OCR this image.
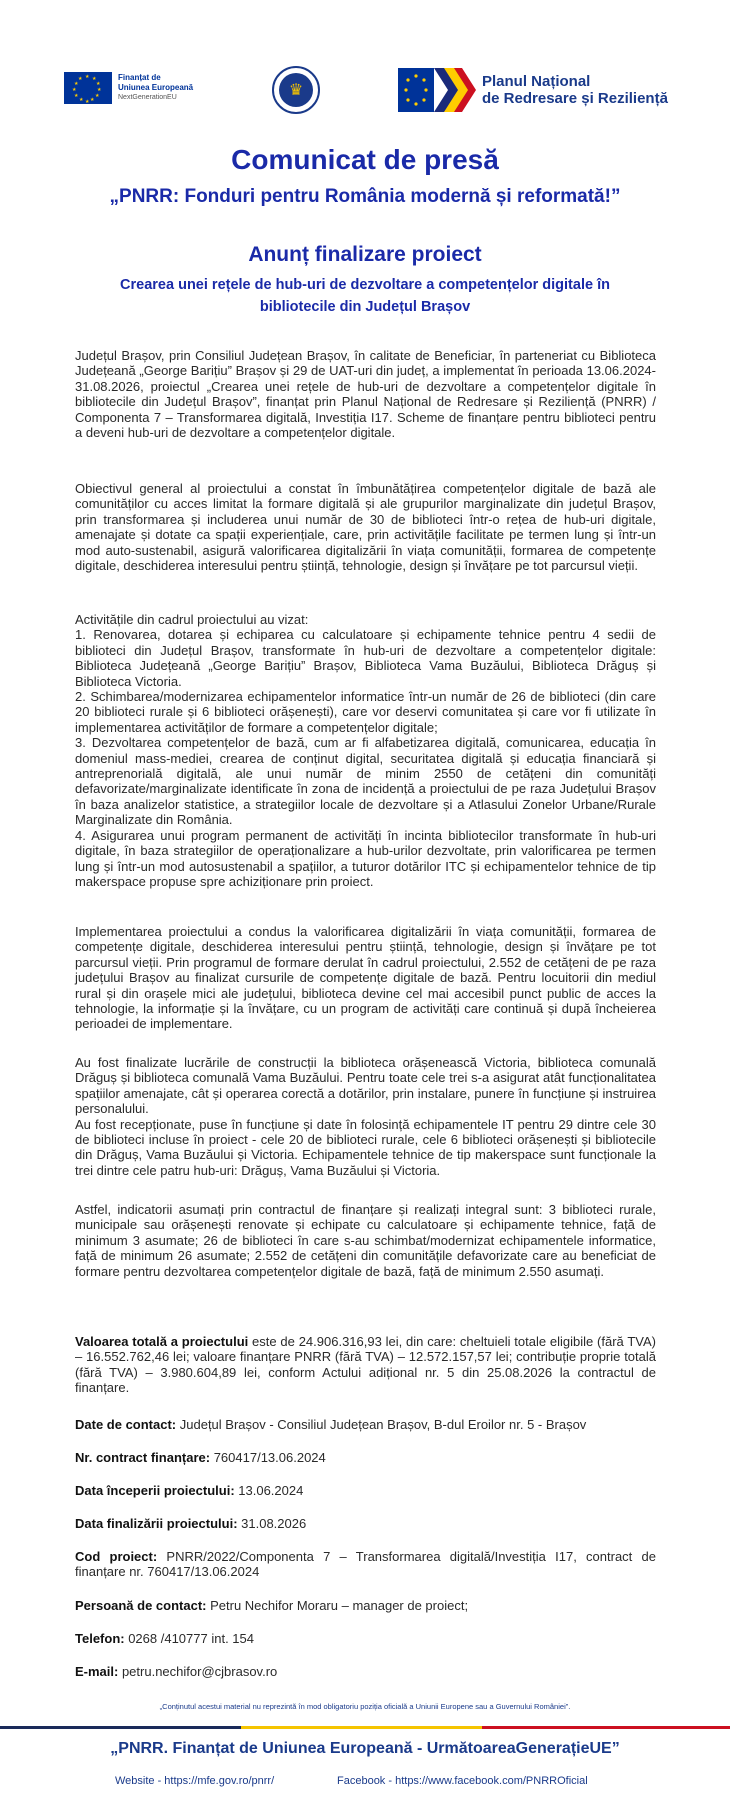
★ ★
★
★
★
★
★
★
★
★
★
★	Finanțat de
Uniunea Europeană
NextGenerationEU	♛
Planul Național
de Redresare și Reziliență
Comunicat de presă
„PNRR: Fonduri pentru România modernă și reformată!”
Anunț finalizare proiect
Crearea unei rețele de hub-uri de dezvoltare a competențelor digitale în
bibliotecile din Județul Brașov

Județul Brașov, prin Consiliul Județean Brașov, în calitate de Beneficiar, în parteneriat cu Biblioteca Județeană „George Barițiu” Brașov și 29 de UAT-uri din județ, a implementat în perioada 13.06.2024-31.08.2026, proiectul „Crearea unei rețele de hub-uri de dezvoltare a competențelor digitale în bibliotecile din Județul Brașov”, finanțat prin Planul Național de Redresare și Reziliență (PNRR) / Componenta 7 – Transformarea digitală, Investiția I17. Scheme de finanțare pentru biblioteci pentru a deveni hub-uri de dezvoltare a competențelor digitale.

Obiectivul general al proiectului a constat în îmbunătățirea competențelor digitale de bază ale comunităților cu acces limitat la formare digitală și ale grupurilor marginalizate din județul Brașov, prin transformarea și includerea unui număr de 30 de biblioteci într-o rețea de hub-uri digitale, amenajate și dotate ca spații experiențiale, care, prin activitățile facilitate pe termen lung și într-un mod auto-sustenabil, asigură valorificarea digitalizării în viața comunității, formarea de competențe digitale, deschiderea interesului pentru știință, tehnologie, design și învățare pe tot parcursul vieții.

Activitățile din cadrul proiectului au vizat:

1. Renovarea, dotarea și echiparea cu calculatoare și echipamente tehnice pentru 4 sedii de biblioteci din Județul Brașov, transformate în hub-uri de dezvoltare a competențelor digitale: Biblioteca Județeană „George Barițiu” Brașov, Biblioteca Vama Buzăului, Biblioteca Drăguș și Biblioteca Victoria.

2. Schimbarea/modernizarea echipamentelor informatice într-un număr de 26 de biblioteci (din care 20 biblioteci rurale și 6 biblioteci orășenești), care vor deservi comunitatea și care vor fi utilizate în implementarea activităților de formare a competențelor digitale;

3. Dezvoltarea competențelor de bază, cum ar fi alfabetizarea digitală, comunicarea, educația în domeniul mass-mediei, crearea de conținut digital, securitatea digitală și educația financiară și antreprenorială digitală, ale unui număr de minim 2550 de cetățeni din comunități defavorizate/marginalizate identificate în zona de incidență a proiectului de pe raza Județului Brașov în baza analizelor statistice, a strategiilor locale de dezvoltare și a Atlasului Zonelor Urbane/Rurale Marginalizate din România.

4. Asigurarea unui program permanent de activități în incinta bibliotecilor transformate în hub-uri digitale, în baza strategiilor de operaționalizare a hub-urilor dezvoltate, prin valorificarea pe termen lung și într-un mod autosustenabil a spațiilor, a tuturor dotărilor ITC și echipamentelor tehnice de tip makerspace propuse spre achiziționare prin proiect.

Implementarea proiectului a condus la valorificarea digitalizării în viața comunității, formarea de competențe digitale, deschiderea interesului pentru știință, tehnologie, design și învățare pe tot parcursul vieții. Prin programul de formare derulat în cadrul proiectului, 2.552 de cetățeni de pe raza județului Brașov au finalizat cursurile de competențe digitale de bază. Pentru locuitorii din mediul rural și din orașele mici ale județului, biblioteca devine cel mai accesibil punct public de acces la tehnologie, la informație și la învățare, cu un program de activități care continuă și după încheierea perioadei de implementare.

Au fost finalizate lucrările de construcții la biblioteca orășenească Victoria, biblioteca comunală Drăguș și biblioteca comunală Vama Buzăului. Pentru toate cele trei s-a asigurat atât funcționalitatea spațiilor amenajate, cât și operarea corectă a dotărilor, prin instalare, punere în funcțiune și instruirea personalului.

Au fost recepționate, puse în funcțiune și date în folosință echipamentele IT pentru 29 dintre cele 30 de biblioteci incluse în proiect - cele 20 de biblioteci rurale, cele 6 biblioteci orășenești și bibliotecile din Drăguș, Vama Buzăului și Victoria. Echipamentele tehnice de tip makerspace sunt funcționale la trei dintre cele patru hub-uri: Drăguș, Vama Buzăului și Victoria.

Astfel, indicatorii asumați prin contractul de finanțare și realizați integral sunt: 3 biblioteci rurale, municipale sau orășenești renovate și echipate cu calculatoare și echipamente tehnice, față de minimum 3 asumate; 26 de biblioteci în care s-au schimbat/modernizat echipamentele informatice, față de minimum 26 asumate; 2.552 de cetățeni din comunitățile defavorizate care au beneficiat de formare pentru dezvoltarea competențelor digitale de bază, față de minimum 2.550 asumați.

Valoarea totală a proiectului este de 24.906.316,93 lei, din care: cheltuieli totale eligibile (fără TVA) – 16.552.762,46 lei; valoare finanțare PNRR (fără TVA) – 12.572.157,57 lei; contribuție proprie totală (fără TVA) – 3.980.604,89 lei, conform Actului adițional nr. 5 din 25.08.2026 la contractul de finanțare.

Date de contact: Județul Brașov - Consiliul Județean Brașov, B-dul Eroilor nr. 5 - Brașov

Nr. contract finanțare: 760417/13.06.2024

Data începerii proiectului: 13.06.2024

Data finalizării proiectului: 31.08.2026

Cod proiect: PNRR/2022/Componenta 7 – Transformarea digitală/Investiția I17, contract de finanțare nr. 760417/13.06.2024

Persoană de contact: Petru Nechifor Moraru – manager de proiect;

Telefon: 0268 /410777 int. 154

E-mail: petru.nechifor@cjbrasov.ro

„Conținutul acestui material nu reprezintă în mod obligatoriu poziția oficială a Uniunii Europene sau a Guvernului României”.
„PNRR. Finanțat de Uniunea Europeană - UrmătoareaGenerațieUE”
Website - https://mfe.gov.ro/pnrr/	Facebook - https://www.facebook.com/PNRROficial
